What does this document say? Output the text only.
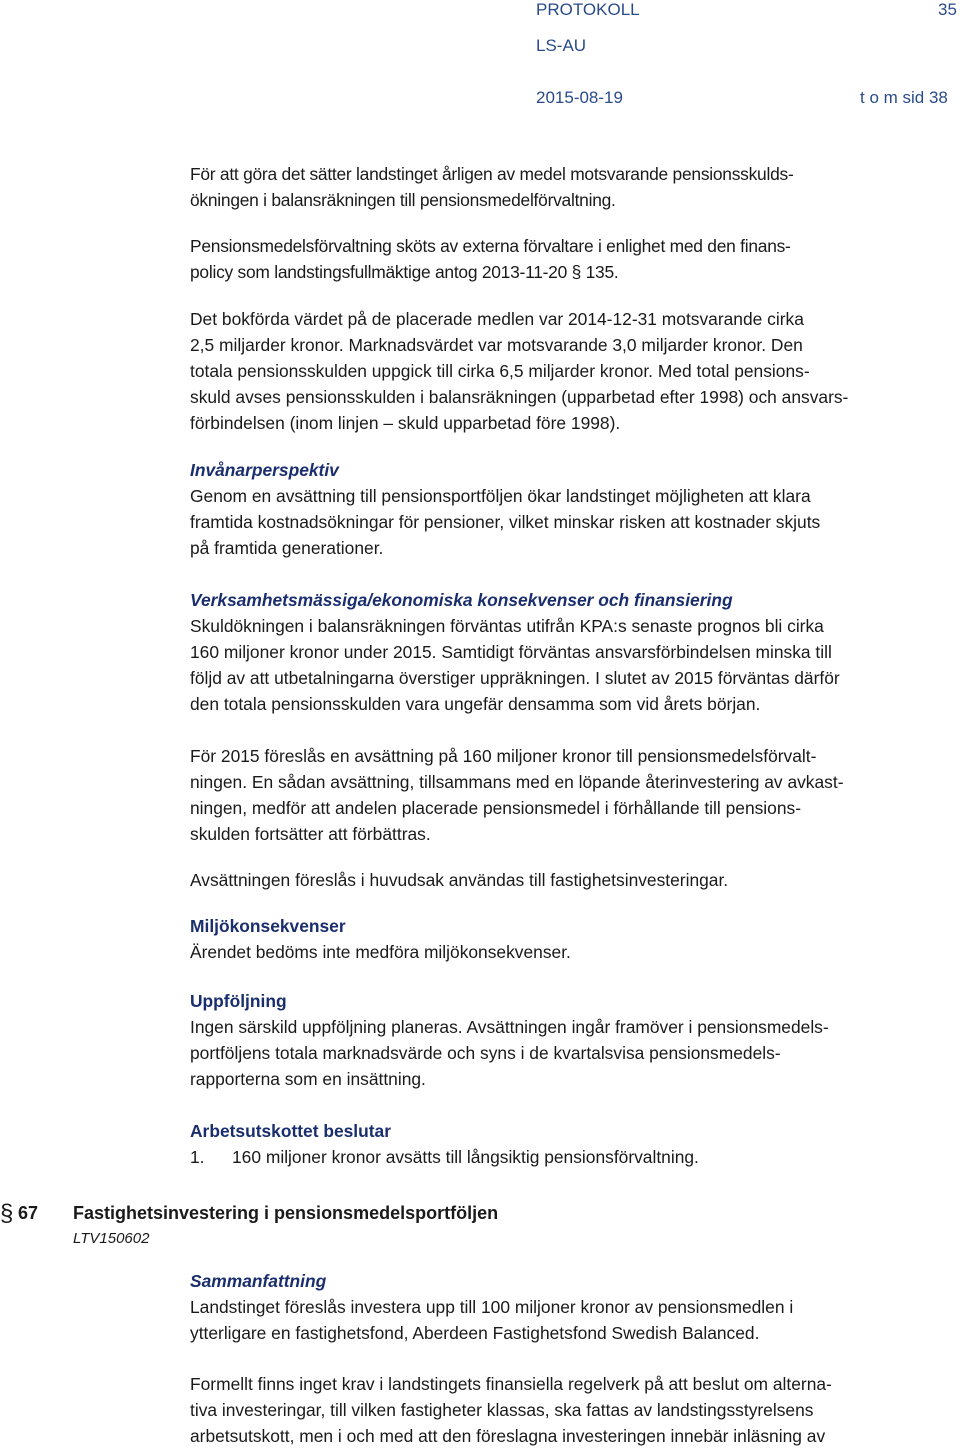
PROTOKOLL	35
LS-AU
2015-08-19	t o m sid 38
För att göra det sätter landstinget årligen av medel motsvarande pensionsskulds-
ökningen i balansräkningen till pensionsmedelförvaltning.
Pensionsmedelsförvaltning sköts av externa förvaltare i enlighet med den finans-
policy som landstingsfullmäktige antog 2013-11-20 § 135.
Det bokförda värdet på de placerade medlen var 2014-12-31 motsvarande cirka
2,5 miljarder kronor. Marknadsvärdet var motsvarande 3,0 miljarder kronor. Den
totala pensionsskulden uppgick till cirka 6,5 miljarder kronor. Med total pensions-
skuld avses pensionsskulden i balansräkningen (upparbetad efter 1998) och ansvars-
förbindelsen (inom linjen – skuld upparbetad före 1998).
Invånarperspektiv
Genom en avsättning till pensionsportföljen ökar landstinget möjligheten att klara
framtida kostnadsökningar för pensioner, vilket minskar risken att kostnader skjuts
på framtida generationer.
Verksamhetsmässiga/ekonomiska konsekvenser och finansiering
Skuldökningen i balansräkningen förväntas utifrån KPA:s senaste prognos bli cirka
160 miljoner kronor under 2015. Samtidigt förväntas ansvarsförbindelsen minska till
följd av att utbetalningarna överstiger uppräkningen. I slutet av 2015 förväntas därför
den totala pensionsskulden vara ungefär densamma som vid årets början.
För 2015 föreslås en avsättning på 160 miljoner kronor till pensionsmedelsförvalt-
ningen. En sådan avsättning, tillsammans med en löpande återinvestering av avkast-
ningen, medför att andelen placerade pensionsmedel i förhållande till pensions-
skulden fortsätter att förbättras.
Avsättningen föreslås i huvudsak användas till fastighetsinvesteringar.
Miljökonsekvenser
Ärendet bedöms inte medföra miljökonsekvenser.
Uppföljning
Ingen särskild uppföljning planeras. Avsättningen ingår framöver i pensionsmedels-
portföljens totala marknadsvärde och syns i de kvartalsvisa pensionsmedels-
rapporterna som en insättning.
Arbetsutskottet beslutar
1. 160 miljoner kronor avsätts till långsiktig pensionsförvaltning.
§ 67 Fastighetsinvestering i pensionsmedelsportföljen
LTV150602
Sammanfattning
Landstinget föreslås investera upp till 100 miljoner kronor av pensionsmedlen i
ytterligare en fastighetsfond, Aberdeen Fastighetsfond Swedish Balanced.
Formellt finns inget krav i landstingets finansiella regelverk på att beslut om alterna-
tiva investeringar, till vilken fastigheter klassas, ska fattas av landstingsstyrelsens
arbetsutskott, men i och med att den föreslagna investeringen innebär inläsning av
